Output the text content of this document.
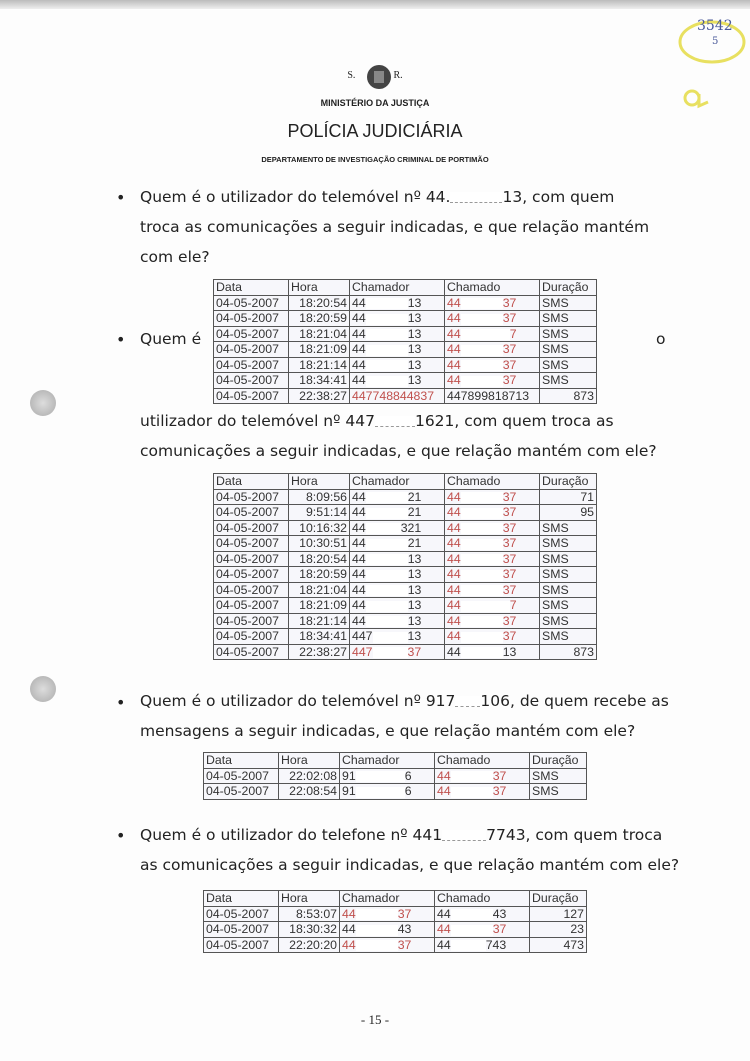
3542
5
S.	R.
MINISTÉRIO DA JUSTIÇA
POLÍCIA JUDICIÁRIA
DEPARTAMENTO DE INVESTIGAÇÃO CRIMINAL DE PORTIMÃO
• Quem é o utilizador do telemóvel nº 44.	13, com quem
troca as comunicações a seguir indicadas, e que relação mantém
com ele?
• Quem é	o
utilizador do telemóvel nº 447	1621, com quem troca as
comunicações a seguir indicadas, e que relação mantém com ele?
• Quem é o utilizador do telemóvel nº 917 106, de quem recebe as
mensagens a seguir indicadas, e que relação mantém com ele?
• Quem é o utilizador do telefone nº 441	7743, com quem troca
as comunicações a seguir indicadas, e que relação mantém com ele?
Data	Hora	Chamador	Chamado	Duração
04-05-2007	18:20:54	44 13	44 37	SMS
04-05-2007	18:20:59	44 13	44 37	SMS
04-05-2007	18:21:04	44 13	44 7	SMS
04-05-2007	18:21:09	44 13	44 37	SMS
04-05-2007	18:21:14	44 13	44 37	SMS
04-05-2007	18:34:41	44 13	44 37	SMS
04-05-2007	22:38:27	447748844837	447899818713	873
Data	Hora	Chamador	Chamado	Duração
04-05-2007	8:09:56	44 21	44 37	71
04-05-2007	9:51:14	44 21	44 37	95
04-05-2007	10:16:32	44 321	44 37	SMS
04-05-2007	10:30:51	44 21	44 37	SMS
04-05-2007	18:20:54	44 13	44 37	SMS
04-05-2007	18:20:59	44 13	44 37	SMS
04-05-2007	18:21:04	44 13	44 37	SMS
04-05-2007	18:21:09	44 13	44 7	SMS
04-05-2007	18:21:14	44 13	44 37	SMS
04-05-2007	18:34:41	447 13	44 37	SMS
04-05-2007	22:38:27	447 37	44 13	873
Data	Hora	Chamador	Chamado	Duração
04-05-2007	22:02:08	91 6	44 37	SMS
04-05-2007	22:08:54	91 6	44 37	SMS
Data	Hora	Chamador	Chamado	Duração
04-05-2007	8:53:07	44 37	44 43	127
04-05-2007	18:30:32	44 43	44 37	23
04-05-2007	22:20:20	44 37	44 743	473
- 15 -
